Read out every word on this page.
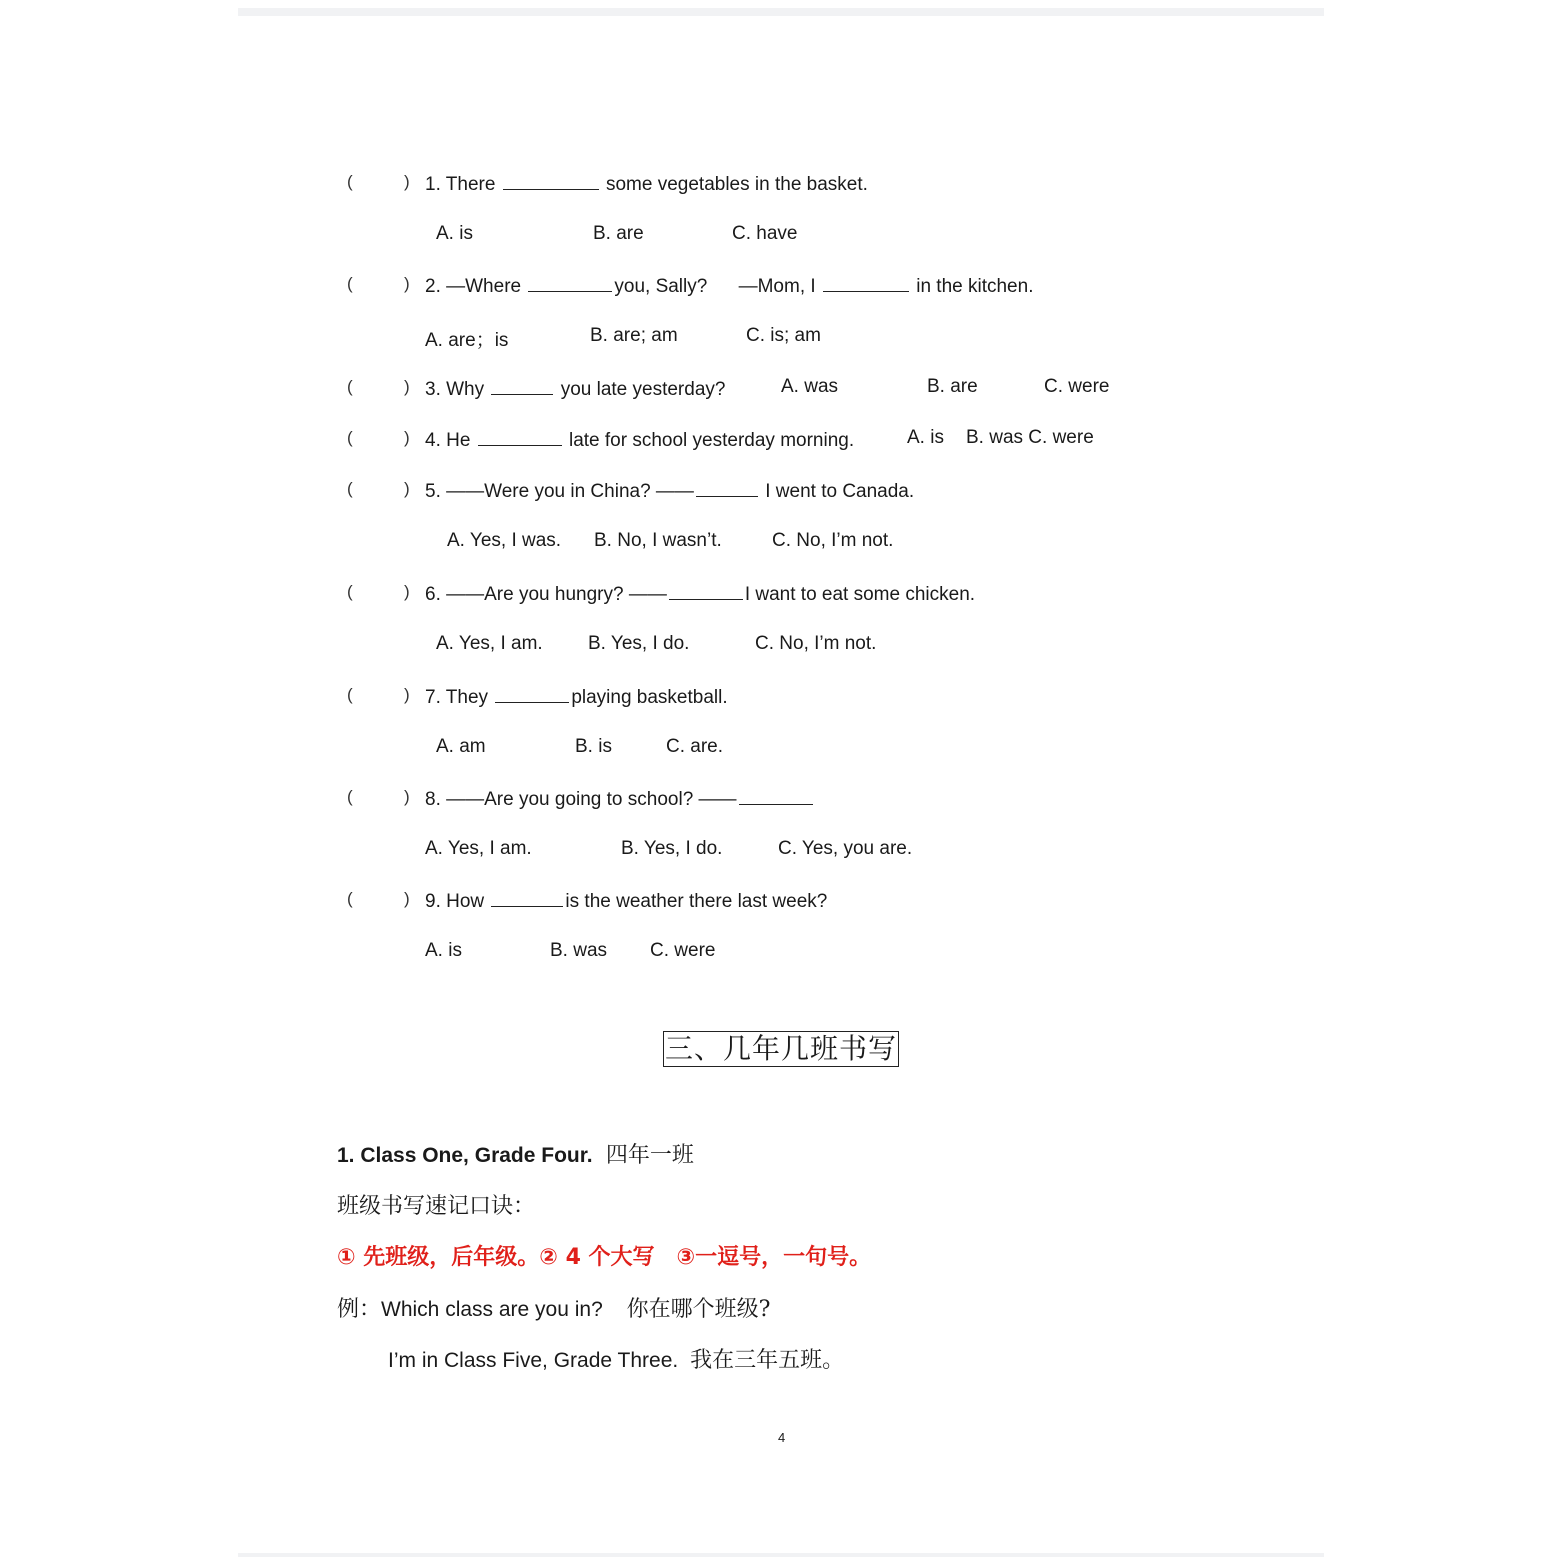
(	) 1. There	some vegetables in the basket.
A. is	B. are	C. have
(	) 2. —Where	you, Sally? —Mom, I	in the kitchen.
A. are；is	B. are; am	C. is; am
(	) 3. Why	you late yesterday?	A. was	B. are	C. were
(	) 4. He	late for school yesterday morning.	A. is B. was C. were
(	) 5. ——Were you in China? ——	I went to Canada.
A. Yes, I was. B. No, I wasn’t.	C. No, I’m not.
(	) 6. ——Are you hungry? ——	I want to eat some chicken.
A. Yes, I am. B. Yes, I do.	C. No, I’m not.
(	) 7. They	playing basketball.
A. am	B. is	C. are.
(	) 8. ——Are you going to school? ——
A. Yes, I am.	B. Yes, I do.	C. Yes, you are.
(	) 9. How	is the weather there last week?
A. is	B. was C. were
三、几年几班书写
1. Class One, Grade Four. 四年一班
班级书写速记口诀：
① 先班级，后年级。② 4 个大写　③一逗号，一句号。
例：Which class are you in? 你在哪个班级?
I’m in Class Five, Grade Three. 我在三年五班。
4
